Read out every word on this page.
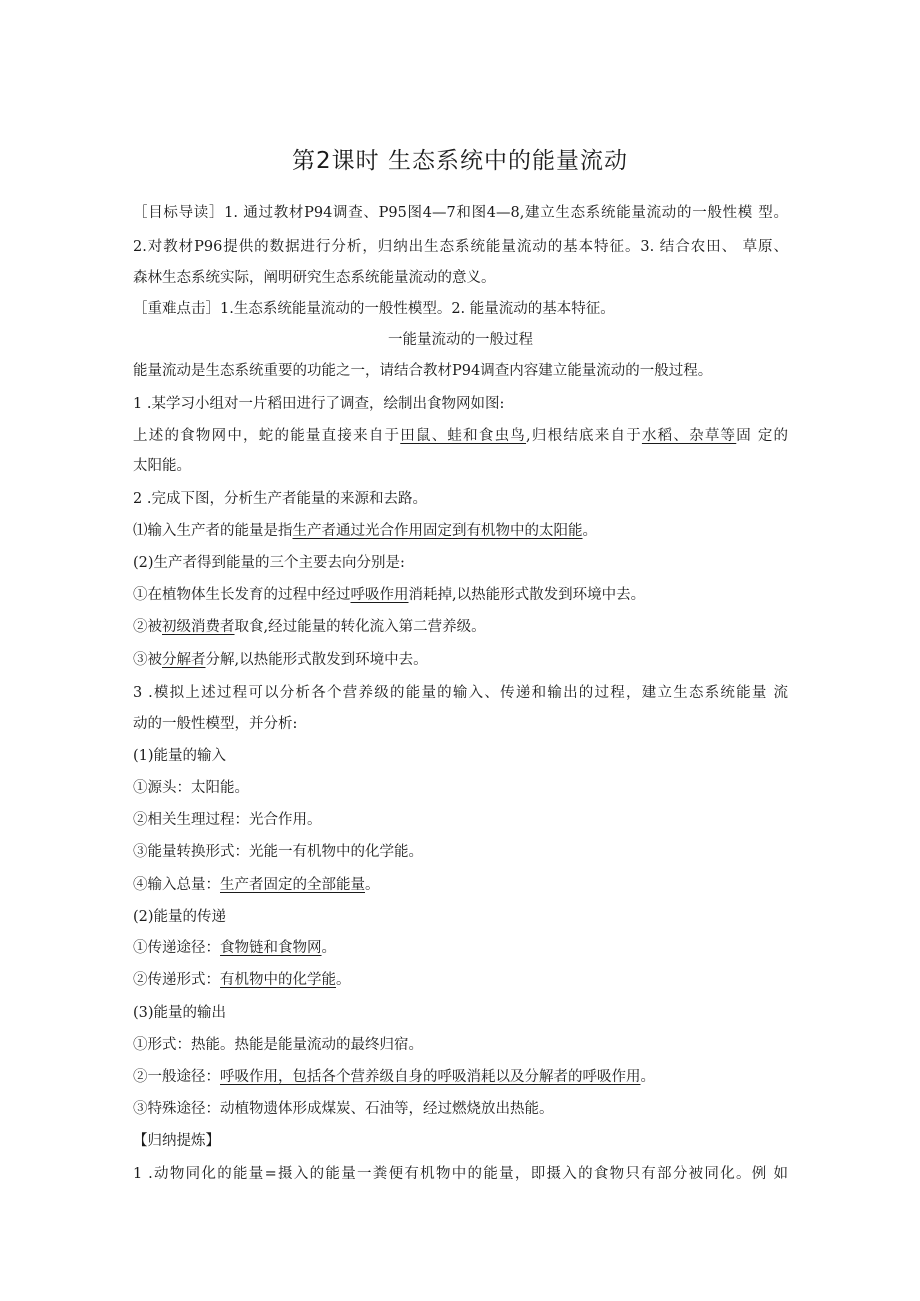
第2课时 生态系统中的能量流动
［目标导读］1. 通过教材P94调查、P95图4—7和图4—8,建立生态系统能量流动的一般性模 型。
2.对教材P96提供的数据进行分析，归纳出生态系统能量流动的基本特征。3. 结合农田、 草原、
森林生态系统实际，阐明研究生态系统能量流动的意义。
［重难点击］1.生态系统能量流动的一般性模型。2. 能量流动的基本特征。
一能量流动的一般过程
能量流动是生态系统重要的功能之一，请结合教材P94调查内容建立能量流动的一般过程。
1 .某学习小组对一片稻田进行了调查，绘制出食物网如图:
上述的食物网中，蛇的能量直接来自于田鼠、蛙和食虫鸟,归根结底来自于水稻、杂草等固 定的
太阳能。
2 .完成下图，分析生产者能量的来源和去路。
⑴输入生产者的能量是指生产者通过光合作用固定到有机物中的太阳能。
(2)生产者得到能量的三个主要去向分别是:
①在植物体生长发育的过程中经过呼吸作用消耗掉,以热能形式散发到环境中去。
②被初级消费者取食,经过能量的转化流入第二营养级。
③被分解者分解,以热能形式散发到环境中去。
3 .模拟上述过程可以分析各个营养级的能量的输入、传递和输出的过程，建立生态系统能量 流
动的一般性模型，并分析:
(1)能量的输入
①源头：太阳能。
②相关生理过程：光合作用。
③能量转换形式：光能一有机物中的化学能。
④输入总量：生产者固定的全部能量。
(2)能量的传递
①传递途径：食物链和食物网。
②传递形式：有机物中的化学能。
(3)能量的输出
①形式：热能。热能是能量流动的最终归宿。
②一般途径：呼吸作用，包括各个营养级自身的呼吸消耗以及分解者的呼吸作用。
③特殊途径：动植物遗体形成煤炭、石油等，经过燃烧放出热能。
【归纳提炼】
1 .动物同化的能量=摄入的能量一粪便有机物中的能量，即摄入的食物只有部分被同化。例 如
